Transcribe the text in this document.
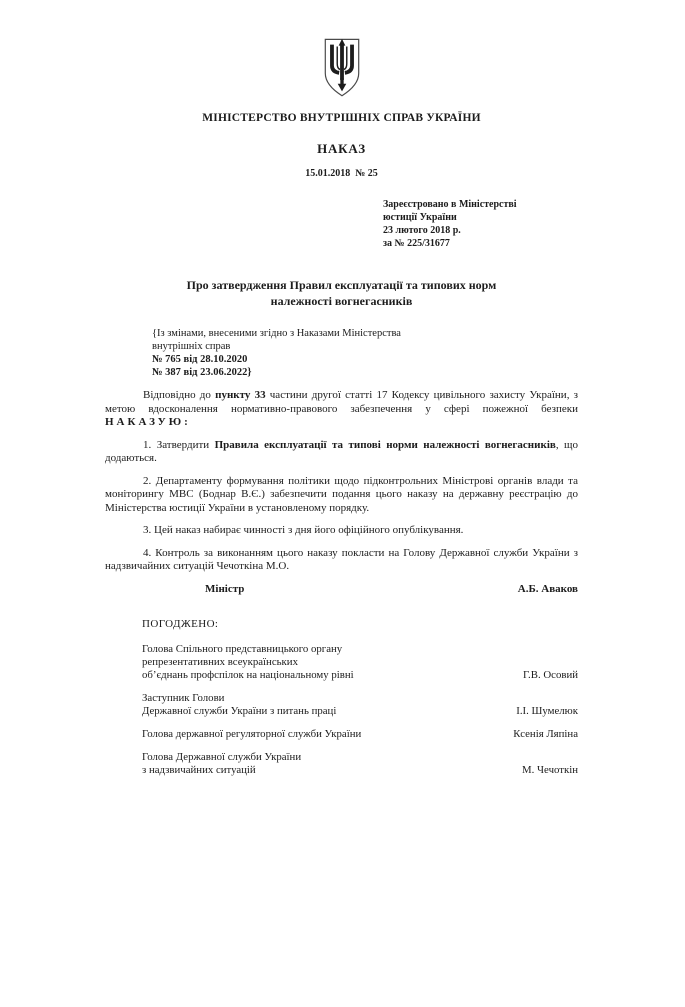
МІНІСТЕРСТВО ВНУТРІШНІХ СПРАВ УКРАЇНИ
НАКАЗ
15.01.2018  № 25
Зареєстровано в Міністерстві
юстиції України
23 лютого 2018 р.
за № 225/31677
Про затвердження Правил експлуатації та типових норм належності вогнегасників
{Із змінами, внесеними згідно з Наказами Міністерства
внутрішніх справ
№ 765 від 28.10.2020
№ 387 від 23.06.2022}

Відповідно до пункту 33 частини другої статті 17 Кодексу цивільного захисту України, з метою вдосконалення нормативно-правового забезпечення у сфері пожежної безпеки НАКАЗУЮ:

1. Затвердити Правила експлуатації та типові норми належності вогнегасників, що додаються.

2. Департаменту формування політики щодо підконтрольних Міністрові органів влади та моніторингу МВС (Боднар В.Є.) забезпечити подання цього наказу на державну реєстрацію до Міністерства юстиції України в установленому порядку.

3. Цей наказ набирає чинності з дня його офіційного опублікування.

4. Контроль за виконанням цього наказу покласти на Голову Державної служби України з надзвичайних ситуацій Чечоткіна М.О.

Міністр	А.Б. Аваков
ПОГОДЖЕНО:
Голова Спільного представницького органу
репрезентативних всеукраїнських
об’єднань профспілок на національному рівні	Г.В. Осовий
Заступник Голови
Державної служби України з питань праці	І.І. Шумелюк
Голова державної регуляторної служби України	Ксенія Ляпіна
Голова Державної служби України
з надзвичайних ситуацій	М. Чечоткін
